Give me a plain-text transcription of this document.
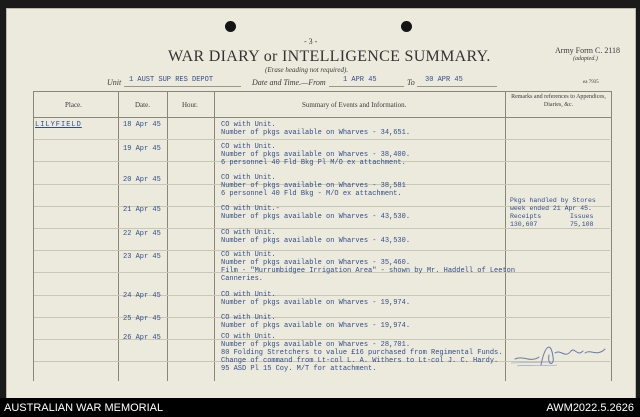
- 3 -
WAR DIARY or INTELLIGENCE SUMMARY.
(Erase heading not required).
Army Form C. 2118
(adapted.)
Unit 1 AUST SUP RES DEPOT	Date and Time.—From 1 APR 45	To 30 APR 45	ea 7935
Place.	Date.	Hour.	Summary of Events and Information.
Remarks and references to Appendices, Diaries, &c.
LILYFIELD	18 Apr 45	CO with Unit.
Number of pkgs available on Wharves - 34,651.
19 Apr 45	CO with Unit.
Number of pkgs available on Wharves - 38,400.
6 personnel 40 Fld Bkg Pl M/O ex attachment.
20 Apr 45	CO with Unit.
Number of pkgs available on Wharves - 38,581
6 personnel 40 Fld Bkg - M/O ex attachment.
21 Apr 45	CO with Unit.-
Number of pkgs available on Wharves - 43,530.
22 Apr 45	CO with Unit.
Number of pkgs available on Wharves - 43,530.
23 Apr 45	CO with Unit.
Number of pkgs available on Wharves - 35,460.
Film - "Murrumbidgee Irrigation Area" - shown by Mr. Haddell of Leeton
Canneries.
24 Apr 45	CO with Unit.
Number of pkgs available on Wharves - 19,974.
25 Apr 45	CO with Unit.
Number of pkgs available on Wharves - 19,974.
26 Apr 45	CO with Unit.
Number of pkgs available on Wharves - 28,701.
80 Folding Stretchers to value £16 purchased from Regimental Funds.
Change of command from Lt-col L. A. Withers to Lt-col J. C. Hardy.
95 ASD Pl 15 Coy. M/T for attachment.
Pkgs handled by Stores
week ended 21 Apr 45.
Receipts	Issues
130,607	75,108
AUSTRALIAN WAR MEMORIAL	AWM2022.5.2626
